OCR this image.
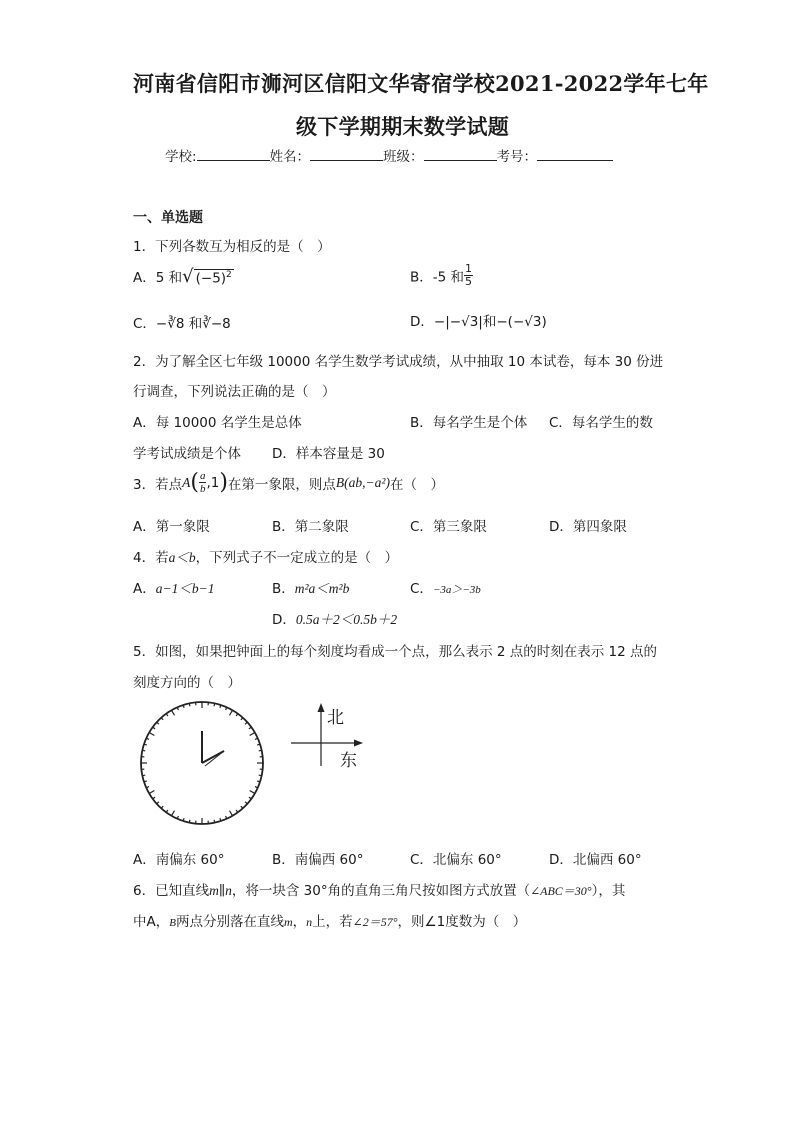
河南省信阳市浉河区信阳文华寄宿学校2021-2022学年七年
级下学期期末数学试题
学校:	姓名：	班级：	考号：
一、单选题
1．下列各数互为相反的是（　）
A．5 和√ $(-5)^2$	B．-5 和 $\frac{1}{5}$
C．−∛8 和∛−8	D．−|−√3|和−(−√3)
2．为了解全区七年级 10000 名学生数学考试成绩，从中抽取 10 本试卷，每本 30 份进
行调查，下列说法正确的是（　）
A．每 10000 名学生是总体	B．每名学生是个体 C．每名学生的数
学考试成绩是个体 D．样本容量是 30
3．若点 A ( $\frac{a}{b} ,1$ ) 在第一象限，则点 B (ab,−a²) 在（　）
A．第一象限	B．第二象限	C．第三象限	D．第四象限
4．若a＜b，下列式子不一定成立的是（　）
A．a−1＜b−1	B．m²a＜m²b	C．−3a＞−3b
D．0.5a＋2＜0.5b＋2
5．如图，如果把钟面上的每个刻度均看成一个点，那么表示 2 点的时刻在表示 12 点的
刻度方向的（　）
北
东
A．南偏东 60°	B．南偏西 60°	C．北偏东 60°	D．北偏西 60°
6．已知直线m∥n，将一块含 30°角的直角三角尺按如图方式放置（∠ABC＝30°），其
中A，B两点分别落在直线m，n上，若∠2＝57°，则∠1度数为（　）
